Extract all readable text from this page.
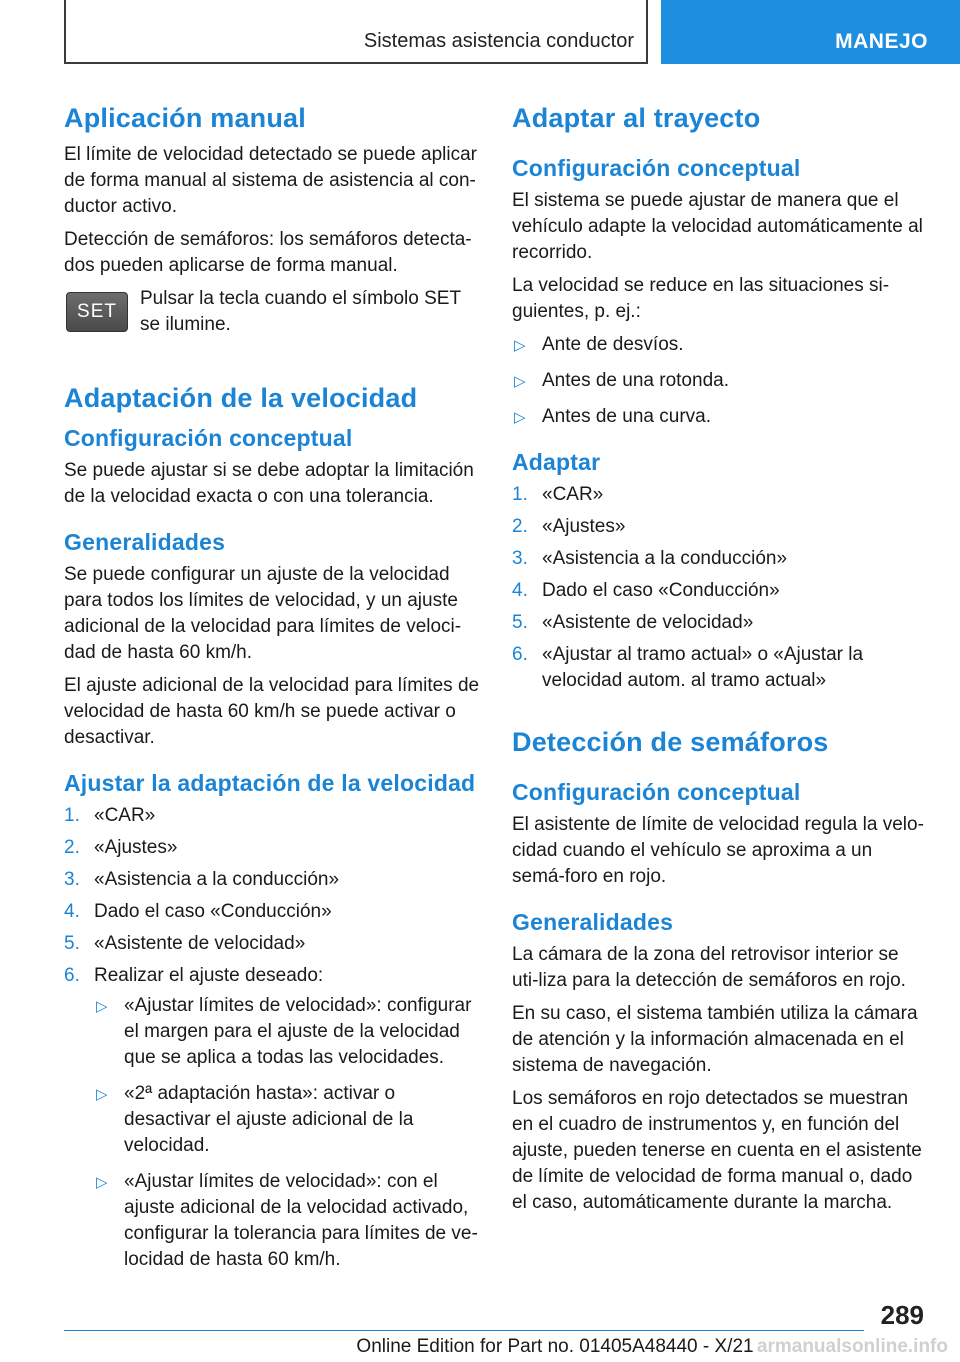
Sistemas asistencia conductor	MANEJO
Aplicación manual

El límite de velocidad detectado se puede aplicar de forma manual al sistema de asistencia al con-ductor activo.

Detección de semáforos: los semáforos detecta-dos pueden aplicarse de forma manual.

SET
Pulsar la tecla cuando el símbolo SET se ilumine.
Adaptación de la velocidad
Configuración conceptual

Se puede ajustar si se debe adoptar la limitación de la velocidad exacta o con una tolerancia.

Generalidades

Se puede configurar un ajuste de la velocidad para todos los límites de velocidad, y un ajuste adicional de la velocidad para límites de veloci-dad de hasta 60 km/h.

El ajuste adicional de la velocidad para límites de velocidad de hasta 60 km/h se puede activar o desactivar.

Ajustar la adaptación de la velocidad
1. «CAR»
2. «Ajustes»
3. «Asistencia a la conducción»
4. Dado el caso «Conducción»
5. «Asistente de velocidad»
6. Realizar el ajuste deseado:
▷ «Ajustar límites de velocidad»: configurar el margen para el ajuste de la velocidad que se aplica a todas las velocidades.
▷ «2ª adaptación hasta»: activar o desactivar el ajuste adicional de la velocidad.
▷ «Ajustar límites de velocidad»: con el ajuste adicional de la velocidad activado, configurar la tolerancia para límites de ve-locidad de hasta 60 km/h.
Adaptar al trayecto
Configuración conceptual

El sistema se puede ajustar de manera que el vehículo adapte la velocidad automáticamente al recorrido.

La velocidad se reduce en las situaciones si-guientes, p. ej.:

▷ Ante de desvíos.
▷ Antes de una rotonda.
▷ Antes de una curva.
Adaptar
1. «CAR»
2. «Ajustes»
3. «Asistencia a la conducción»
4. Dado el caso «Conducción»
5. «Asistente de velocidad»
6. «Ajustar al tramo actual» o «Ajustar la velocidad autom. al tramo actual»
Detección de semáforos
Configuración conceptual

El asistente de límite de velocidad regula la velo-cidad cuando el vehículo se aproxima a un semá-foro en rojo.

Generalidades

La cámara de la zona del retrovisor interior se uti-liza para la detección de semáforos en rojo.

En su caso, el sistema también utiliza la cámara de atención y la información almacenada en el sistema de navegación.

Los semáforos en rojo detectados se muestran en el cuadro de instrumentos y, en función del ajuste, pueden tenerse en cuenta en el asistente de límite de velocidad de forma manual o, dado el caso, automáticamente durante la marcha.

289
Online Edition for Part no. 01405A48440 - X/21 armanualsonline.info
